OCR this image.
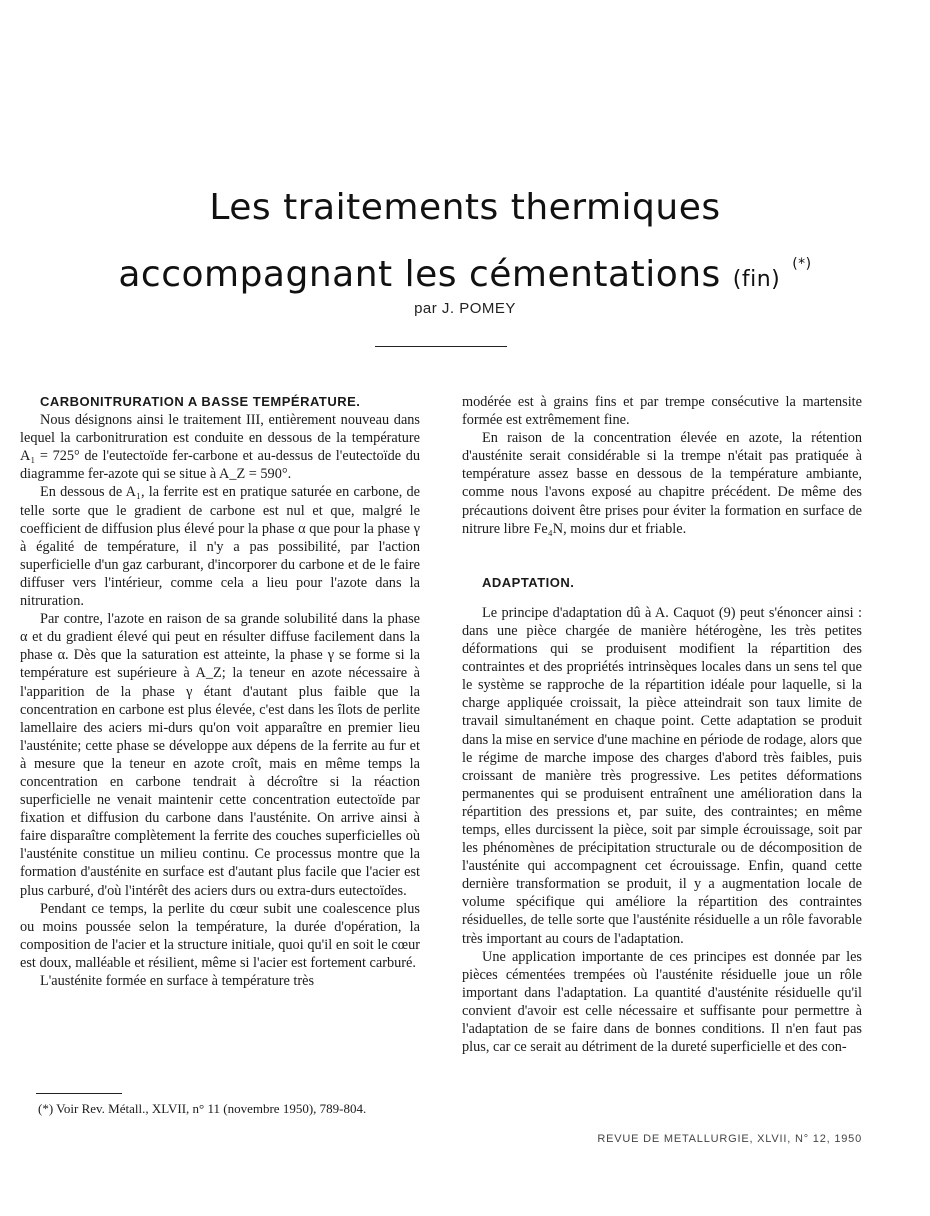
Les traitements thermiques
accompagnant les cémentations (fin) (*)
par J. POMEY

CARBONITRURATION A BASSE TEMPÉRATURE.

Nous désignons ainsi le traitement III, entièrement nouveau dans lequel la carbonitruration est conduite en dessous de la température A₁ = 725° de l'eutectoïde fer-carbone et au-dessus de l'eutectoïde du diagramme fer-azote qui se situe à A_Z = 590°.

En dessous de A₁, la ferrite est en pratique saturée en carbone, de telle sorte que le gradient de carbone est nul et que, malgré le coefficient de diffusion plus élevé pour la phase α que pour la phase γ à égalité de température, il n'y a pas possibilité, par l'action superficielle d'un gaz carburant, d'incorporer du carbone et de le faire diffuser vers l'intérieur, comme cela a lieu pour l'azote dans la nitruration.

Par contre, l'azote en raison de sa grande solubilité dans la phase α et du gradient élevé qui peut en résulter diffuse facilement dans la phase α. Dès que la saturation est atteinte, la phase γ se forme si la température est supérieure à A_Z; la teneur en azote nécessaire à l'apparition de la phase γ étant d'autant plus faible que la concentration en carbone est plus élevée, c'est dans les îlots de perlite lamellaire des aciers mi-durs qu'on voit apparaître en premier lieu l'austénite; cette phase se développe aux dépens de la ferrite au fur et à mesure que la teneur en azote croît, mais en même temps la concentration en carbone tendrait à décroître si la réaction superficielle ne venait maintenir cette concentration eutectoïde par fixation et diffusion du carbone dans l'austénite. On arrive ainsi à faire disparaître complètement la ferrite des couches superficielles où l'austénite constitue un milieu continu. Ce processus montre que la formation d'austénite en surface est d'autant plus facile que l'acier est plus carburé, d'où l'intérêt des aciers durs ou extra-durs eutectoïdes.

Pendant ce temps, la perlite du cœur subit une coalescence plus ou moins poussée selon la température, la durée d'opération, la composition de l'acier et la structure initiale, quoi qu'il en soit le cœur est doux, malléable et résilient, même si l'acier est fortement carburé.

L'austénite formée en surface à température très

modérée est à grains fins et par trempe consécutive la martensite formée est extrêmement fine.

En raison de la concentration élevée en azote, la rétention d'austénite serait considérable si la trempe n'était pas pratiquée à température assez basse en dessous de la température ambiante, comme nous l'avons exposé au chapitre précédent. De même des précautions doivent être prises pour éviter la formation en surface de nitrure libre Fe₄N, moins dur et friable.

ADAPTATION.

Le principe d'adaptation dû à A. Caquot (9) peut s'énoncer ainsi : dans une pièce chargée de manière hétérogène, les très petites déformations qui se produisent modifient la répartition des contraintes et des propriétés intrinsèques locales dans un sens tel que le système se rapproche de la répartition idéale pour laquelle, si la charge appliquée croissait, la pièce atteindrait son taux limite de travail simultanément en chaque point. Cette adaptation se produit dans la mise en service d'une machine en période de rodage, alors que le régime de marche impose des charges d'abord très faibles, puis croissant de manière très progressive. Les petites déformations permanentes qui se produisent entraînent une amélioration dans la répartition des pressions et, par suite, des contraintes; en même temps, elles durcissent la pièce, soit par simple écrouissage, soit par les phénomènes de précipitation structurale ou de décomposition de l'austénite qui accompagnent cet écrouissage. Enfin, quand cette dernière transformation se produit, il y a augmentation locale de volume spécifique qui améliore la répartition des contraintes résiduelles, de telle sorte que l'austénite résiduelle a un rôle favorable très important au cours de l'adaptation.

Une application importante de ces principes est donnée par les pièces cémentées trempées où l'austénite résiduelle joue un rôle important dans l'adaptation. La quantité d'austénite résiduelle qu'il convient d'avoir est celle nécessaire et suffisante pour permettre à l'adaptation de se faire dans de bonnes conditions. Il n'en faut pas plus, car ce serait au détriment de la dureté superficielle et des con-

(*) Voir Rev. Métall., XLVII, n° 11 (novembre 1950), 789-804.
REVUE DE METALLURGIE, XLVII, N° 12, 1950
